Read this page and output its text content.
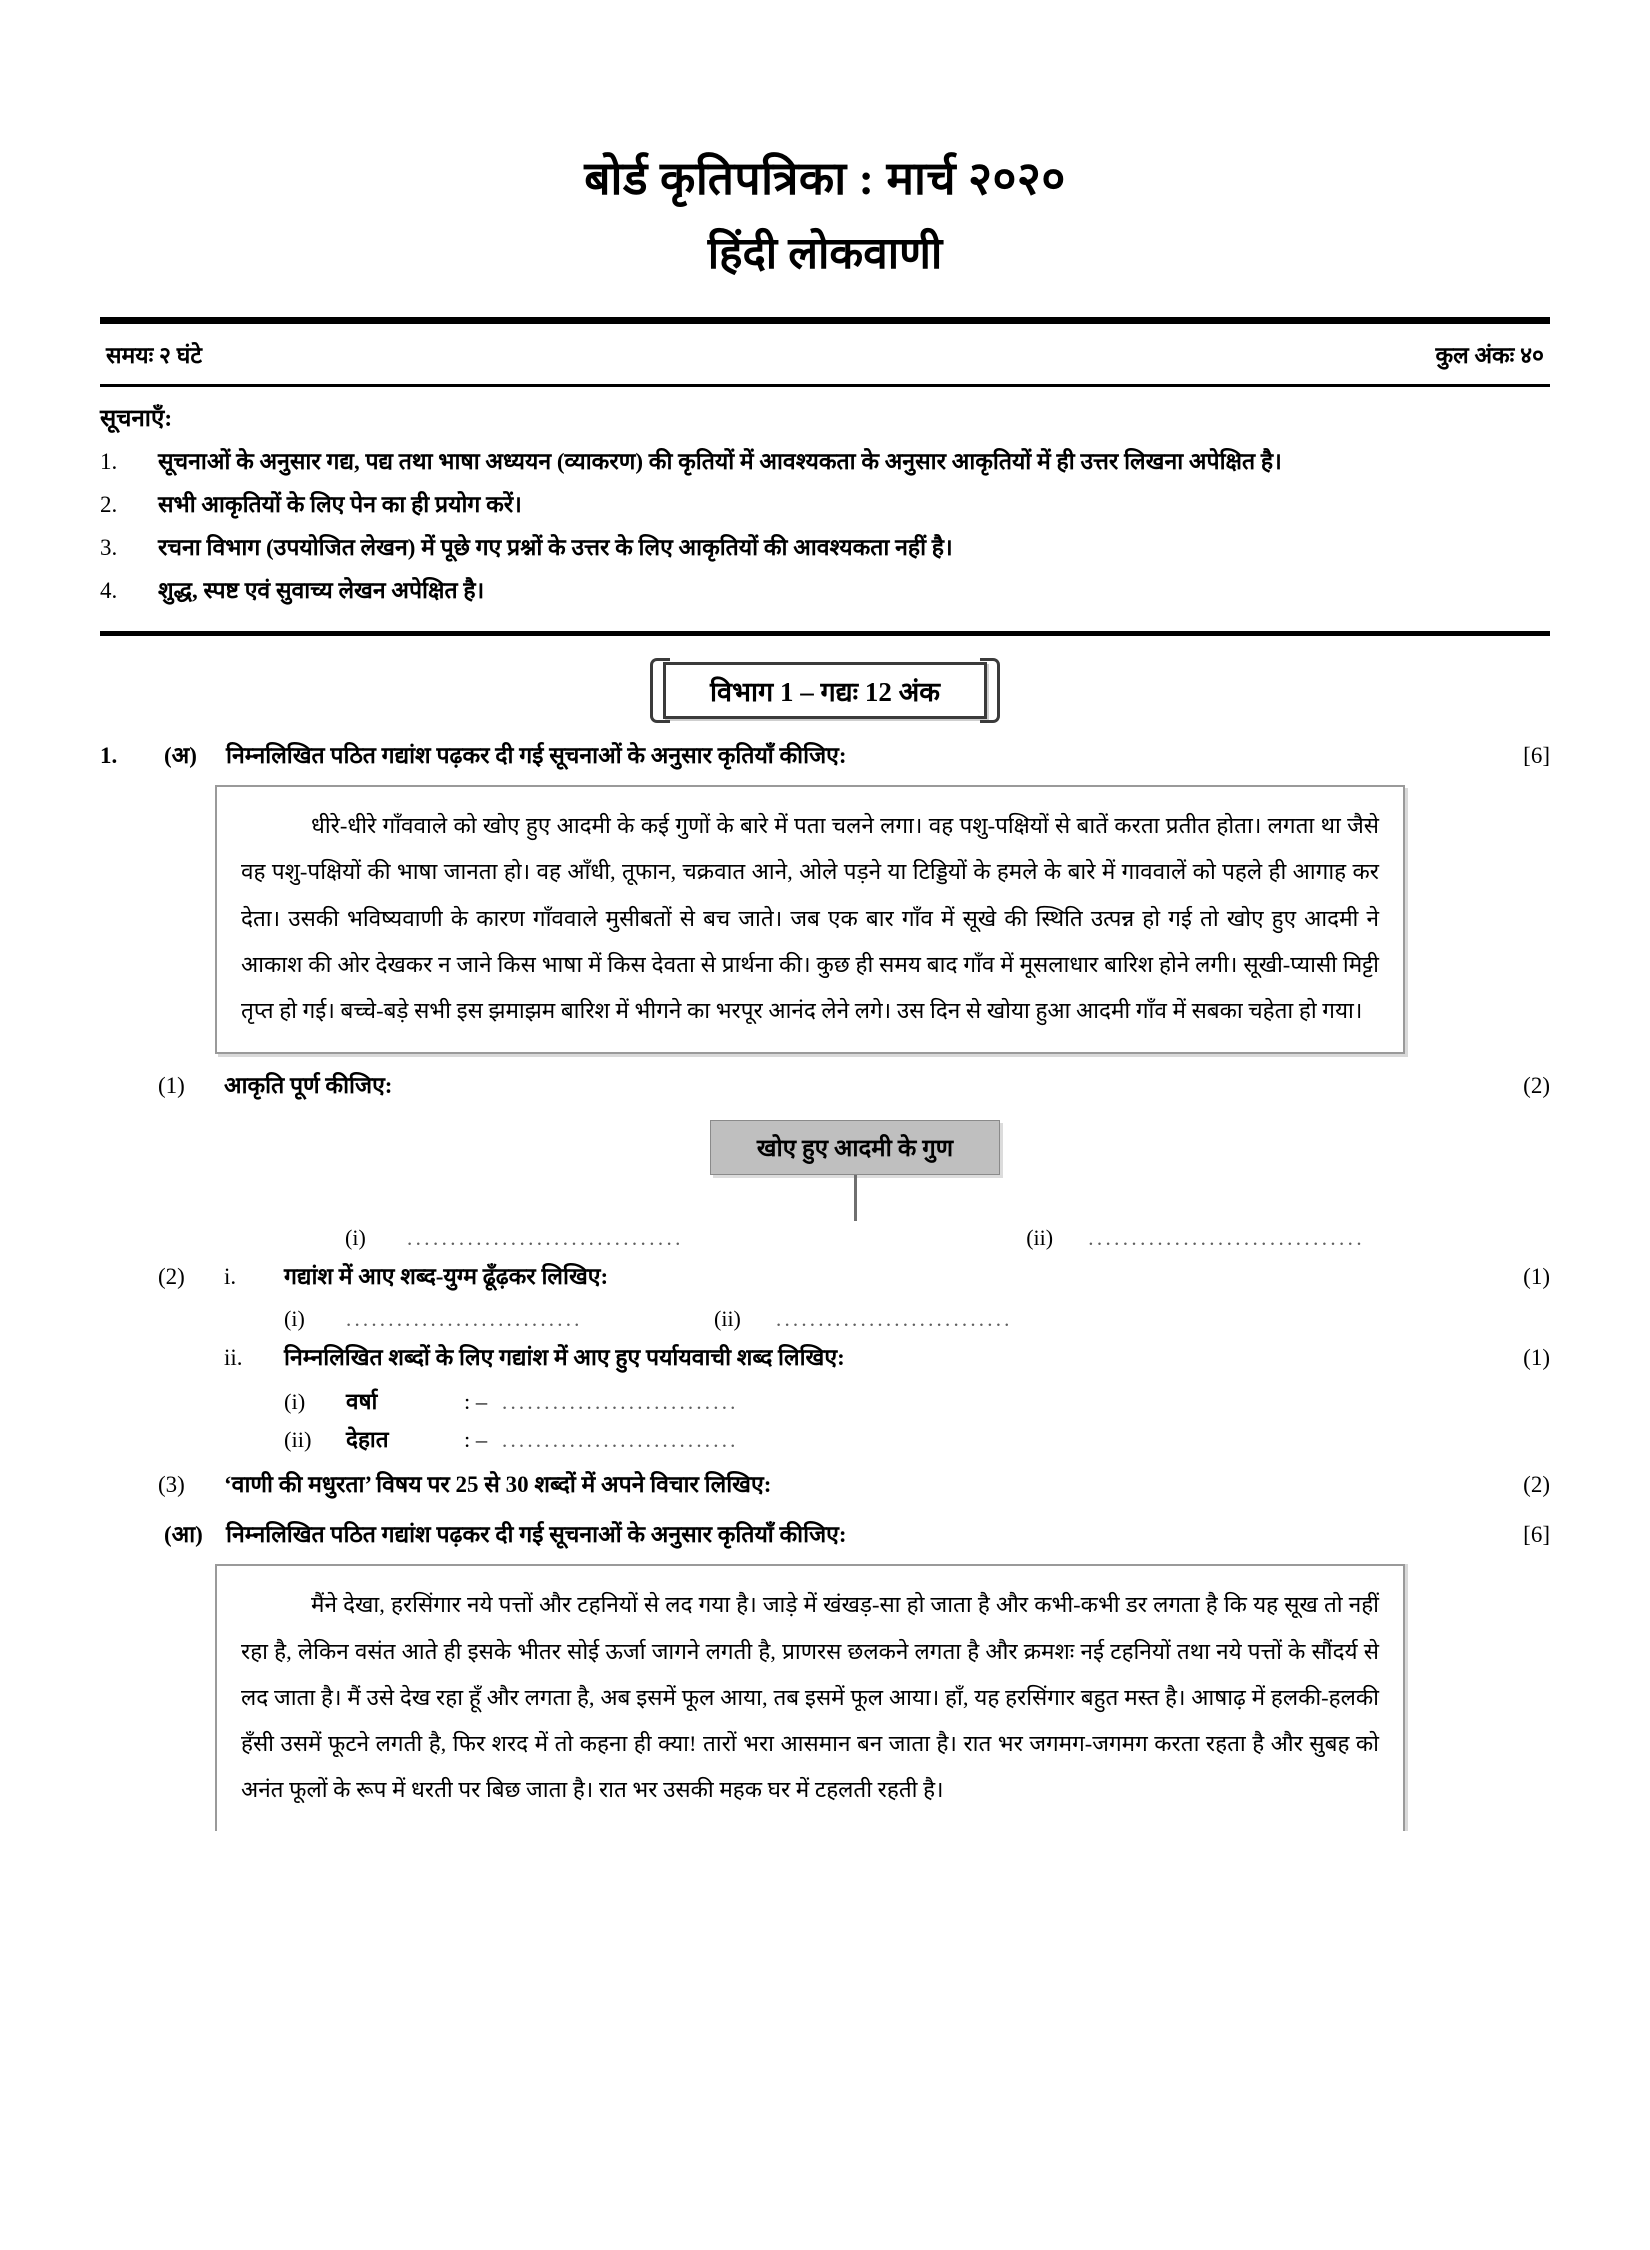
बोर्ड कृतिपत्रिका : मार्च २०२०
हिंदी लोकवाणी
समयः २ घंटे	कुल अंकः ४०
सूचनाएँ:
1.	सूचनाओं के अनुसार गद्य, पद्य तथा भाषा अध्ययन (व्याकरण) की कृतियों में आवश्यकता के अनुसार आकृतियों में ही उत्तर लिखना अपेक्षित है।
2.	सभी आकृतियों के लिए पेन का ही प्रयोग करें।
3.	रचना विभाग (उपयोजित लेखन) में पूछे गए प्रश्नों के उत्तर के लिए आकृतियों की आवश्यकता नहीं है।
4.	शुद्ध, स्पष्ट एवं सुवाच्य लेखन अपेक्षित है।
विभाग 1 – गद्यः 12 अंक
1.	(अ)	निम्नलिखित पठित गद्यांश पढ़कर दी गई सूचनाओं के अनुसार कृतियाँ कीजिए:	[6]
धीरे-धीरे गाँववाले को खोए हुए आदमी के कई गुणों के बारे में पता चलने लगा। वह पशु-पक्षियों से बातें करता प्रतीत होता। लगता था जैसे वह पशु-पक्षियों की भाषा जानता हो। वह आँधी, तूफान, चक्रवात आने, ओले पड़ने या टिड्डियों के हमले के बारे में गाववालें को पहले ही आगाह कर देता। उसकी भविष्यवाणी के कारण गाँववाले मुसीबतों से बच जाते। जब एक बार गाँव में सूखे की स्थिति उत्पन्न हो गई तो खोए हुए आदमी ने आकाश की ओर देखकर न जाने किस भाषा में किस देवता से प्रार्थना की। कुछ ही समय बाद गाँव में मूसलाधार बारिश होने लगी। सूखी-प्यासी मिट्टी तृप्त हो गई। बच्चे-बड़े सभी इस झमाझम बारिश में भीगने का भरपूर आनंद लेने लगे। उस दिन से खोया हुआ आदमी गाँव में सबका चहेता हो गया।
(1)	आकृति पूर्ण कीजिए:	(2)
खोए हुए आदमी के गुण
(i)	................................	(ii)	................................
(2)	i.	गद्यांश में आए शब्द-युग्म ढूँढ़कर लिखिए:	(1)
(i)	............................	(ii)	............................
ii.	निम्नलिखित शब्दों के लिए गद्यांश में आए हुए पर्यायवाची शब्द लिखिए:	(1)
(i)	वर्षा	: – ............................
(ii)	देहात	: – ............................
(3)	‘वाणी की मधुरता’ विषय पर 25 से 30 शब्दों में अपने विचार लिखिए:	(2)
(आ)	निम्नलिखित पठित गद्यांश पढ़कर दी गई सूचनाओं के अनुसार कृतियाँ कीजिए:	[6]
मैंने देखा, हरसिंगार नये पत्तों और टहनियों से लद गया है। जाड़े में खंखड़-सा हो जाता है और कभी-कभी डर लगता है कि यह सूख तो नहीं रहा है, लेकिन वसंत आते ही इसके भीतर सोई ऊर्जा जागने लगती है, प्राणरस छलकने लगता है और क्रमशः नई टहनियों तथा नये पत्तों के सौंदर्य से लद जाता है। मैं उसे देख रहा हूँ और लगता है, अब इसमें फूल आया, तब इसमें फूल आया। हाँ, यह हरसिंगार बहुत मस्त है। आषाढ़ में हलकी-हलकी हँसी उसमें फूटने लगती है, फिर शरद में तो कहना ही क्या! तारों भरा आसमान बन जाता है। रात भर जगमग-जगमग करता रहता है और सुबह को अनंत फूलों के रूप में धरती पर बिछ जाता है। रात भर उसकी महक घर में टहलती रहती है।
